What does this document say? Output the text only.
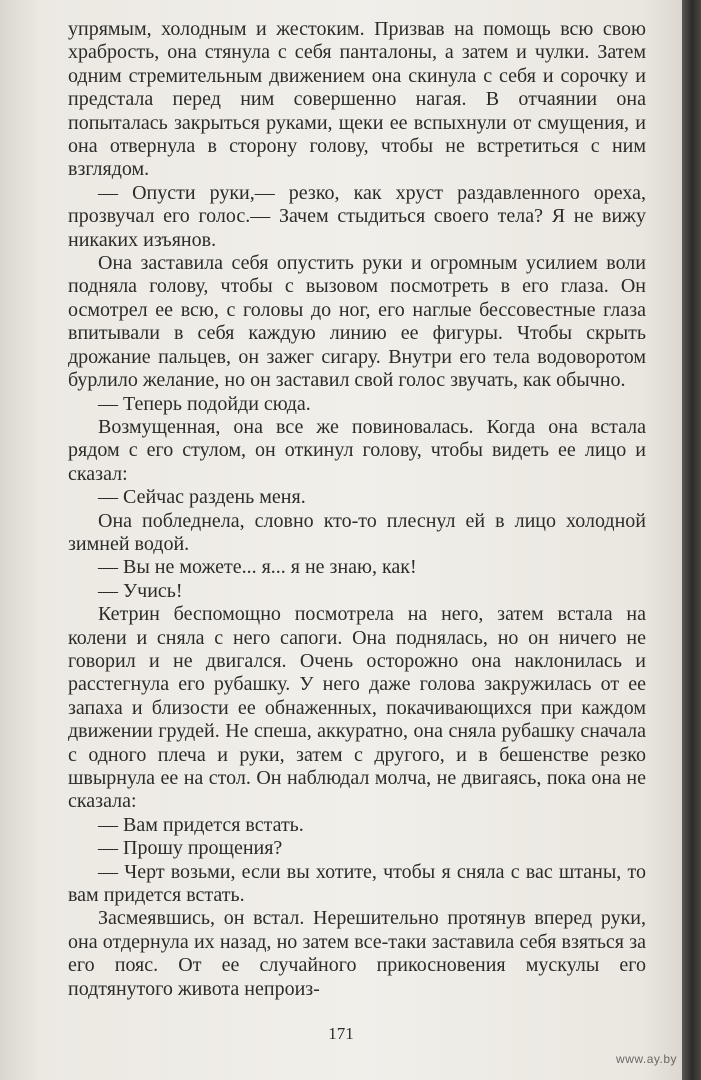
упрямым, холодным и жестоким. Призвав на помощь всю свою храбрость, она стянула с себя панталоны, а затем и чулки. Затем одним стремительным движением она скинула с себя и сорочку и предстала перед ним совершенно нагая. В отчаянии она попыталась закрыться руками, щеки ее вспыхнули от смущения, и она отвернула в сторону голову, чтобы не встретиться с ним взглядом.

— Опусти руки,— резко, как хруст раздавленного ореха, прозвучал его голос.— Зачем стыдиться своего тела? Я не вижу никаких изъянов.

Она заставила себя опустить руки и огромным усилием воли подняла голову, чтобы с вызовом посмотреть в его глаза. Он осмотрел ее всю, с головы до ног, его наглые бессовестные глаза впитывали в себя каждую линию ее фигуры. Чтобы скрыть дрожание пальцев, он зажег сигару. Внутри его тела водоворотом бурлило желание, но он заставил свой голос звучать, как обычно.

— Теперь подойди сюда.

Возмущенная, она все же повиновалась. Когда она встала рядом с его стулом, он откинул голову, чтобы видеть ее лицо и сказал:

— Сейчас раздень меня.

Она побледнела, словно кто-то плеснул ей в лицо холодной зимней водой.

— Вы не можете... я... я не знаю, как!

— Учись!

Кетрин беспомощно посмотрела на него, затем встала на колени и сняла с него сапоги. Она поднялась, но он ничего не говорил и не двигался. Очень осторожно она наклонилась и расстегнула его рубашку. У него даже голова закружилась от ее запаха и близости ее обнаженных, покачивающихся при каждом движении грудей. Не спеша, аккуратно, она сняла рубашку сначала с одного плеча и руки, затем с другого, и в бешенстве резко швырнула ее на стол. Он наблюдал молча, не двигаясь, пока она не сказала:

— Вам придется встать.

— Прошу прощения?

— Черт возьми, если вы хотите, чтобы я сняла с вас штаны, то вам придется встать.

Засмеявшись, он встал. Нерешительно протянув вперед руки, она отдернула их назад, но затем все-таки заставила себя взяться за его пояс. От ее случайного прикосновения мускулы его подтянутого живота непроиз-

171
www.ay.by
